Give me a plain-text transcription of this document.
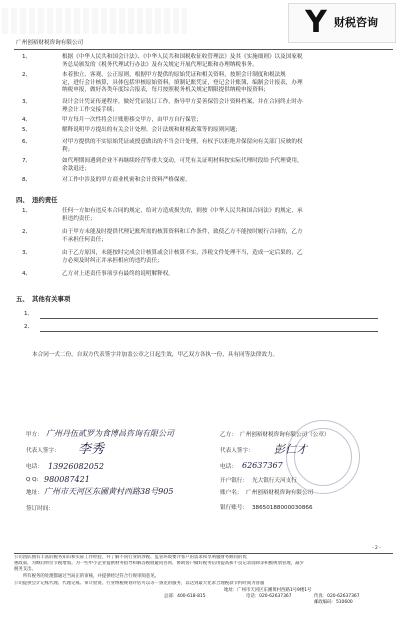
Y 财税咨询
广州创裕财税咨询有限公司
1、	根据《中华人民共和国会计法》、《中华人民共和国税收征收管理法》及其《实施细则》以及国家税
务总局颁发的《税务代理试行办法》及有关规定开展代理记账和办理纳税事务。
2、	本着独立、客观、公正原则，根据甲方提供的原始凭证和相关资料，按照会计制度和税法规
定，进行会计核算，具体包括审核原始资料，填制记账凭证，登记会计账簿，编制会计报表，办理
纳税申报，做好各类年度综合报表，每月按照税务机关规定期限提供纳税申报资料；
3、	设计会计凭证传递程序，做好凭证装订工作，指导甲方妥善保管会计资料档案，并在合同终止时办
理会计工作交接手续；
4、	甲方每月一次性将会计账册移交甲方，由甲方自行保管；
5、	解释说明甲方提出的有关会计处理、会计法规和财税政策等的原则问题；
6、	对甲方提供的不实原始凭证或授意做出的不当会计处理，有权予以拒绝并保留向有关部门反映的权
利；
7、	如代理期间遇到企业不再继续经营等重大变动，可凭有关证明材料按实际代理时段给予代理费用，
余款退还；
8、	对工作中涉及的甲方商业机密和会计资料严格保密。
四、　违约责任
1、	任何一方如有违反本合同的规定，给对方造成损失的，则按《中华人民共和国合同法》的规定，承
担违约责任；
2、	由于甲方未能及时提供代理记账所需的核算资料和工作条件，致使乙方不能按时履行合同的，乙方
不承担任何责任；
3、	由于乙方原因，未能按时完成会计核算或会计核算不实，涉税文件处理不当，造成一定后果的，乙
方必须及时纠正并承担相应的违约责任；
4、	乙方对上述责任事项享有最终的说明解释权。
五、　其他有关事项
1、
2、
本合同一式二份，自双方代表签字并加盖公章之日起生效，甲乙双方各执一份，具有同等法律效力。
甲方： 广州丹伍贰罗为食博昌咨询有限公司
代表人签字： 李秀
电话： 13926082052
Q Q: 980087421
地址： 广州市天河区东圃黄村西路38号905
签订时间：
乙方： 广州创裕财税咨询有限公司（公章）
代表人签字： 彭仁才
电话： 62637367
开户银行： 光大银行天河支行
账户名： 广州创裕财税咨询有限公司
银行账号： 38650188000030866
- 2 -
公司团队拥有丰富的税务知识和实际工作经验，并了解不同行业的涉税、监管环境要介客户的需求和享利服财务顾问的优
惠政策，为顾问单位节税增加。为一些中小企业提供财务指导和解答税收疑问咨询，协助客户做好税务信用提高和不良记录消除等积极规划管理，减少
税务支出。
　　所有税务的处理都通过当局正的审核，并提供经过符合行规审阅意见。
公司提供会计记账代理、代理记账、审计验资、行业纳税规划评估可以等一条龙的服务，以达到最大化求合理税款节约时间为客服
地址：广州市天河区东圃黄村西路1号9楼1号
总部：400-618-815	电话：020-62637367	传真：020-62637367
邮政编码：510600
